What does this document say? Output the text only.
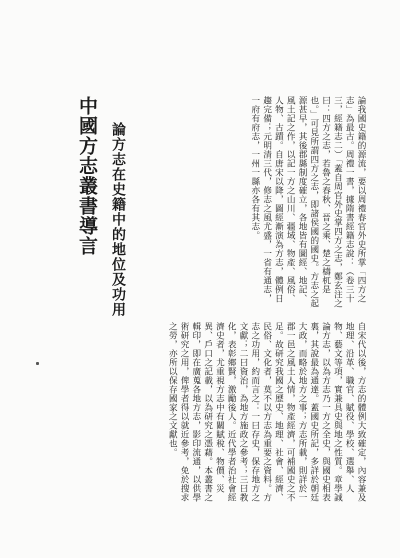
中國方志叢書導言 論方志在史籍中的地位及功用	論我國史籍的源流，要以周禮春官外史所掌「四方之志」為最古。周禮一書，據隋書經籍志說：（卷三十三，經籍志二）「蓋自周官外史掌四方之志，鄭玄注之曰：四方之志，若魯之春秋、晉之乘、楚之檮杌是也。」可見所謂四方之志，即諸侯國的國史。方志之起源甚早，其後郡縣制度確立，各地皆有圖經、地記、風土記之作，以記一方之山川、疆域、物產、風俗、人物、古蹟。自唐宋以降，圖經漸演為方志，體例日趨完備；元明清三代，修志之風尤盛，一省有通志，一府有府志，一州一縣亦各有其志。
自宋代以後，方志的體例大致確定，內容兼及地理、沿革、職官、賦役、學校、選舉、人物、藝文等項，實兼具史與地之性質。章學誠論方志，以為方志乃一方之全史，與國史相表裏，其說最為通達。蓋國史所記，多詳於朝廷大政，而略於地方之事；方志所載，則詳於一郡一邑之風土人情，物產經濟，可補國史之不足。故研究我國之歷史、地理、社會、經濟、民俗、文化者，莫不以方志為重要之資料。方志之功用，約而言之：一曰存史，保存地方之文獻；二曰資治，為地方施政之參考；三曰教化，表彰鄉賢，激勵後人。近代學者治社會經濟史者，尤重視方志中有關賦稅、物價、災異、戶口之記載，以為研究之憑藉。本叢書之輯印，即在廣蒐各地方志，影印流通，以供學術研究之用，俾學者得以就近參考，免於搜求之勞，亦所以保存國家之文獻也。
